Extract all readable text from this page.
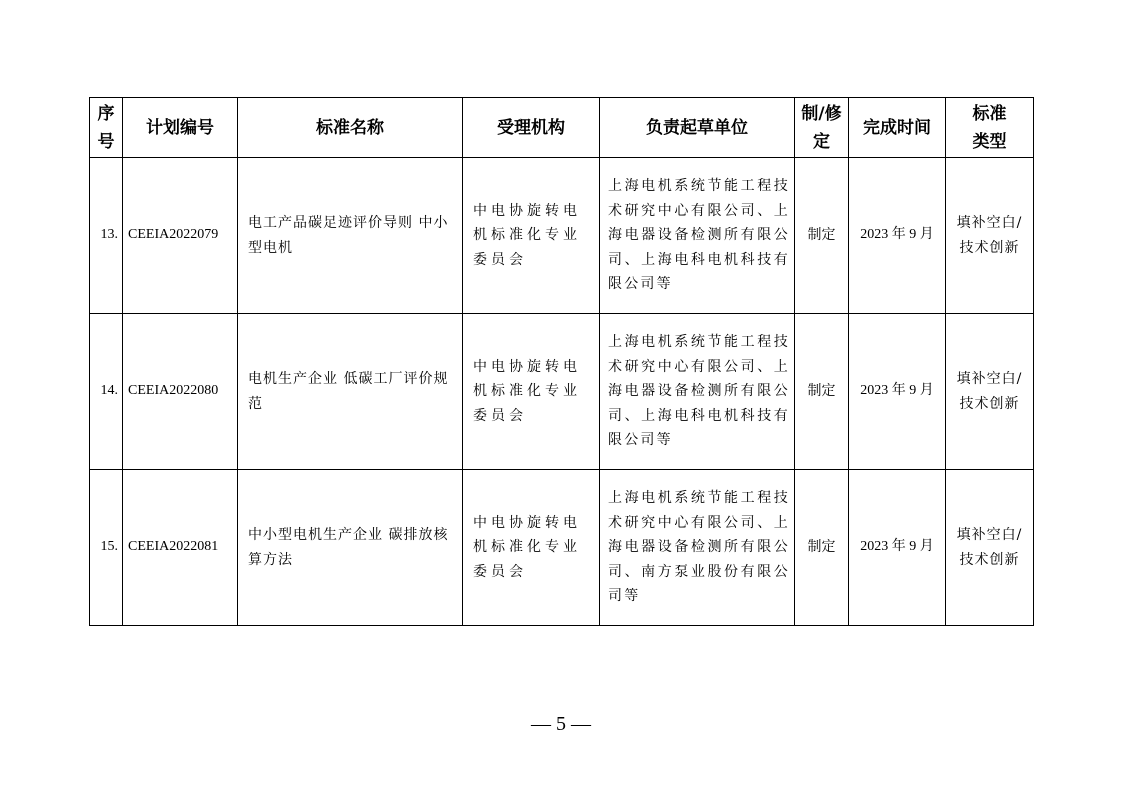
序号	计划编号	标准名称	受理机构	负责起草单位	制/修定	完成时间	标准类型
13.	CEEIA2022079	电工产品碳足迹评价导则 中小型电机	中电协旋转电机标准化专业委员会	上海电机系统节能工程技术研究中心有限公司、上海电器设备检测所有限公司、上海电科电机科技有限公司等	制定	2023 年 9 月	填补空白/技术创新
14.	CEEIA2022080	电机生产企业 低碳工厂评价规范	中电协旋转电机标准化专业委员会	上海电机系统节能工程技术研究中心有限公司、上海电器设备检测所有限公司、上海电科电机科技有限公司等	制定	2023 年 9 月	填补空白/技术创新
15.	CEEIA2022081	中小型电机生产企业 碳排放核算方法	中电协旋转电机标准化专业委员会	上海电机系统节能工程技术研究中心有限公司、上海电器设备检测所有限公司、南方泵业股份有限公司等	制定	2023 年 9 月	填补空白/技术创新
— 5 —
